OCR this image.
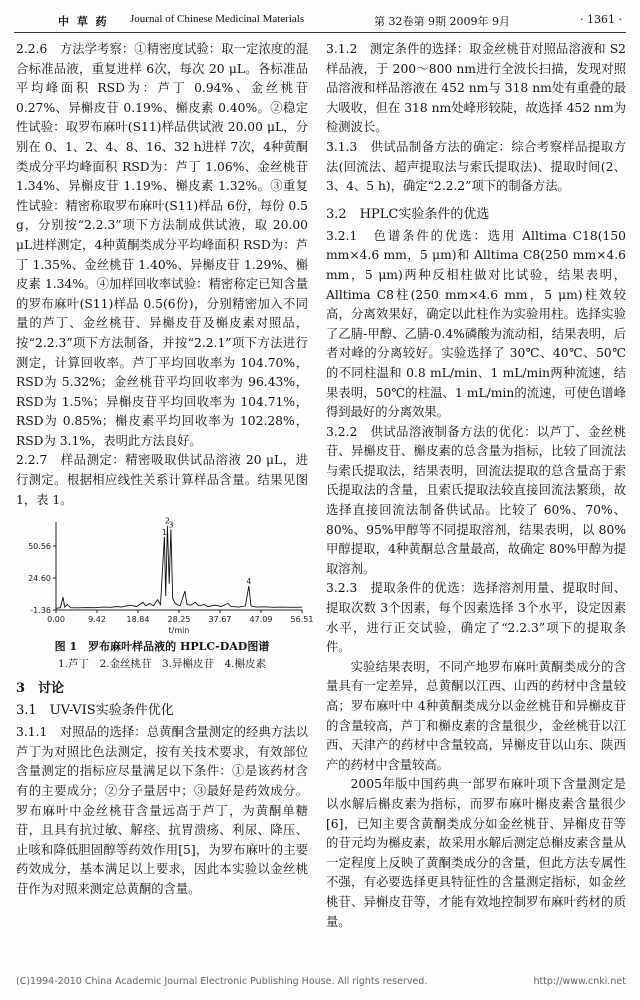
中 草 药 Journal of Chinese Medicinal Materials	第 32卷第 9期 2009年 9月	· 1361 ·

2.2.6　方法学考察：①精密度试验：取一定浓度的混合标准品液，重复进样 6次，每次 20 μL。各标准品平均峰面积 RSD为：芦丁 0.94%、金丝桃苷 0.27%、异槲皮苷 0.19%、槲皮素 0.40%。②稳定性试验：取罗布麻叶(S11)样品供试液 20.00 μL，分别在 0、1、2、4、8、16、32 h进样 7次，4种黄酮类成分平均峰面积 RSD为：芦丁 1.06%、金丝桃苷 1.34%、异槲皮苷 1.19%、槲皮素 1.32%。③重复性试验：精密称取罗布麻叶(S11)样品 6份，每份 0.5 g，分别按“2.2.3”项下方法制成供试液，取 20.00 μL进样测定，4种黄酮类成分平均峰面积 RSD为：芦丁 1.35%、金丝桃苷 1.40%、异槲皮苷 1.29%、槲皮素 1.34%。④加样回收率试验：精密称定已知含量的罗布麻叶(S11)样品 0.5(6份)，分别精密加入不同量的芦丁、金丝桃苷、异槲皮苷及槲皮素对照品，按“2.2.3”项下方法制备，并按“2.2.1”项下方法进行测定，计算回收率。芦丁平均回收率为 104.70%，RSD为 5.32%；金丝桃苷平均回收率为 96.43%，RSD为 1.5%；异槲皮苷平均回收率为 104.71%，RSD为 0.85%；槲皮素平均回收率为 102.28%，RSD为 3.1%，表明此方法良好。

2.2.7　样品测定：精密吸取供试品溶液 20 μL，进行测定。根据相应线性关系计算样品含量。结果见图 1，表 1。

-1.36
24.60
50.56
0.00	9.42	18.84 28.25 37.67 47.09 56.51
1
2
3
4
t/min

图 1　罗布麻叶样品液的 HPLC-DAD图谱

1.芦丁　2.金丝桃苷　3.异槲皮苷　4.槲皮素

3　讨论

3.1　UV-VIS实验条件优化

3.1.1　对照品的选择：总黄酮含量测定的经典方法以芦丁为对照比色法测定，按有关技术要求，有效部位含量测定的指标应尽量满足以下条件：①是该药材含有的主要成分；②分子量居中；③最好是药效成分。罗布麻叶中金丝桃苷含量远高于芦丁，为黄酮单糖苷，且具有抗过敏、解痉、抗胃溃疡、利尿、降压、止咳和降低胆固醇等药效作用[5]，为罗布麻叶的主要药效成分，基本满足以上要求，因此本实验以金丝桃苷作为对照来测定总黄酮的含量。

3.1.2　测定条件的选择：取金丝桃苷对照品溶液和 S2样品液，于 200～800 nm进行全波长扫描，发现对照品溶液和样品溶液在 452 nm与 318 nm处有重叠的最大吸收，但在 318 nm处峰形较陡，故选择 452 nm为检测波长。

3.1.3　供试品制备方法的确定：综合考察样品提取方法(回流法、超声提取法与索氏提取法)、提取时间(2、3、4、5 h)，确定“2.2.2”项下的制备方法。

3.2　HPLC实验条件的优选

3.2.1　色谱条件的优选：选用 Alltima C18(150 mm×4.6 mm，5 μm)和 Alltima C8(250 mm×4.6 mm，5 μm)两种反相柱做对比试验，结果表明，Alltima C8柱(250 mm×4.6 mm，5 μm)柱效较高，分离效果好，确定以此柱作为实验用柱。选择实验了乙腈-甲醇、乙腈-0.4%磷酸为流动相，结果表明，后者对峰的分离较好。实验选择了 30℃、40℃、50℃的不同柱温和 0.8 mL/min、1 mL/min两种流速，结果表明，50℃的柱温、1 mL/min的流速，可使色谱峰得到最好的分离效果。

3.2.2　供试品溶液制备方法的优化：以芦丁、金丝桃苷、异槲皮苷、槲皮素的总含量为指标，比较了回流法与索氏提取法，结果表明，回流法提取的总含量高于索氏提取法的含量，且索氏提取法较直接回流法繁琐，故选择直接回流法制备供试品。比较了 60%、70%、80%、95%甲醇等不同提取溶剂，结果表明，以 80%甲醇提取，4种黄酮总含量最高，故确定 80%甲醇为提取溶剂。

3.2.3　提取条件的优选：选择溶剂用量、提取时间、提取次数 3个因素，每个因素选择 3个水平，设定因素水平，进行正交试验，确定了“2.2.3”项下的提取条件。

实验结果表明，不同产地罗布麻叶黄酮类成分的含量具有一定差异，总黄酮以江西、山西的药材中含量较高；罗布麻叶中 4种黄酮类成分以金丝桃苷和异槲皮苷的含量较高，芦丁和槲皮素的含量很少，金丝桃苷以江西、天津产的药材中含量较高，异槲皮苷以山东、陕西产的药材中含量较高。

2005年版中国药典一部罗布麻叶项下含量测定是以水解后槲皮素为指标，而罗布麻叶槲皮素含量很少[6]，已知主要含黄酮类成分如金丝桃苷、异槲皮苷等的苷元均为槲皮素，故采用水解后测定总槲皮素含量从一定程度上反映了黄酮类成分的含量，但此方法专属性不强，有必要选择更具特征性的含量测定指标，如金丝桃苷、异槲皮苷等，才能有效地控制罗布麻叶药材的质量。

(C)1994-2010 China Academic Journal Electronic Publishing House. All rights reserved.	http://www.cnki.net
